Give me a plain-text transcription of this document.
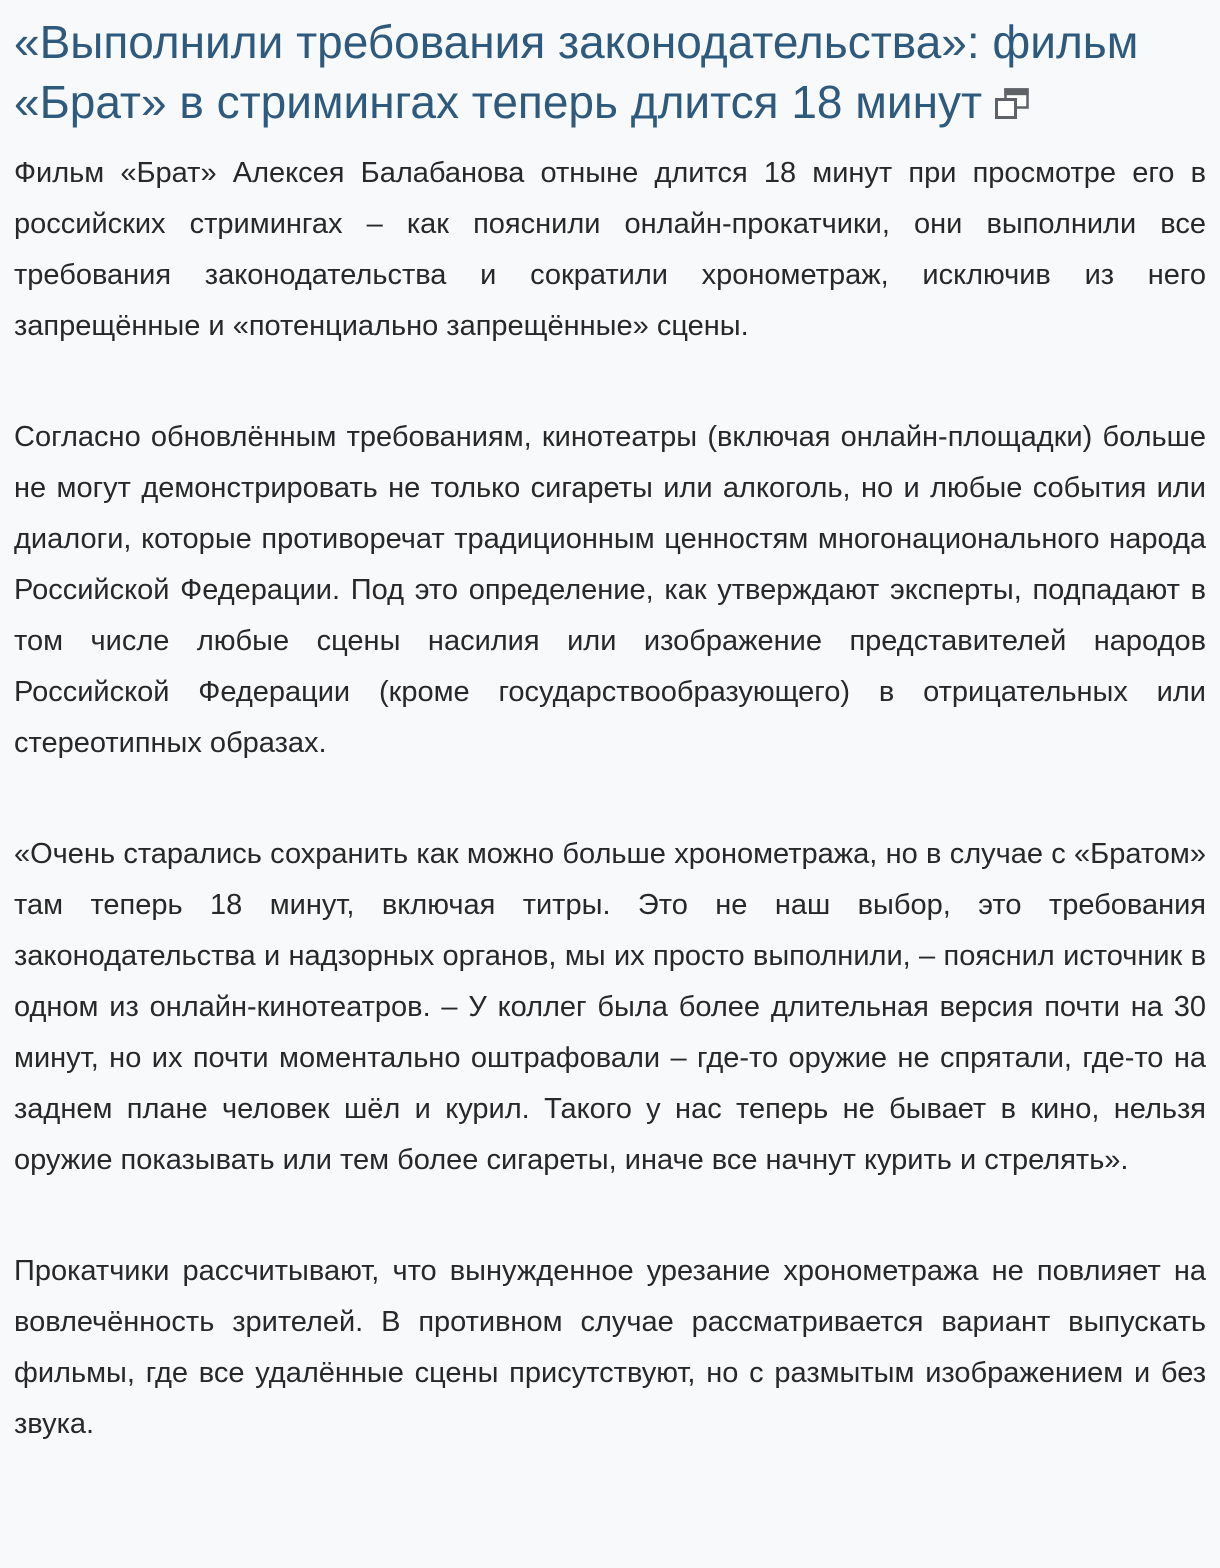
«Выполнили требования законодательства»: фильм «Брат» в стримингах теперь длится 18 минут

Фильм «Брат» Алексея Балабанова отныне длится 18 минут при просмотре его в российских стримингах – как пояснили онлайн-прокатчики, они выполнили все требования законодательства и сократили хронометраж, исключив из него запрещённые и «потенциально запрещённые» сцены.

Согласно обновлённым требованиям, кинотеатры (включая онлайн-площадки) больше не могут демонстрировать не только сигареты или алкоголь, но и любые события или диалоги, которые противоречат традиционным ценностям многонационального народа Российской Федерации. Под это определение, как утверждают эксперты, подпадают в том числе любые сцены насилия или изображение представителей народов Российской Федерации (кроме государствообразующего) в отрицательных или стереотипных образах.

«Очень старались сохранить как можно больше хронометража, но в случае с «Братом» там теперь 18 минут, включая титры. Это не наш выбор, это требования законодательства и надзорных органов, мы их просто выполнили, – пояснил источник в одном из онлайн-кинотеатров. – У коллег была более длительная версия почти на 30 минут, но их почти моментально оштрафовали – где-то оружие не спрятали, где-то на заднем плане человек шёл и курил. Такого у нас теперь не бывает в кино, нельзя оружие показывать или тем более сигареты, иначе все начнут курить и стрелять».

Прокатчики рассчитывают, что вынужденное урезание хронометража не повлияет на вовлечённость зрителей. В противном случае рассматривается вариант выпускать фильмы, где все удалённые сцены присутствуют, но с размытым изображением и без звука.
